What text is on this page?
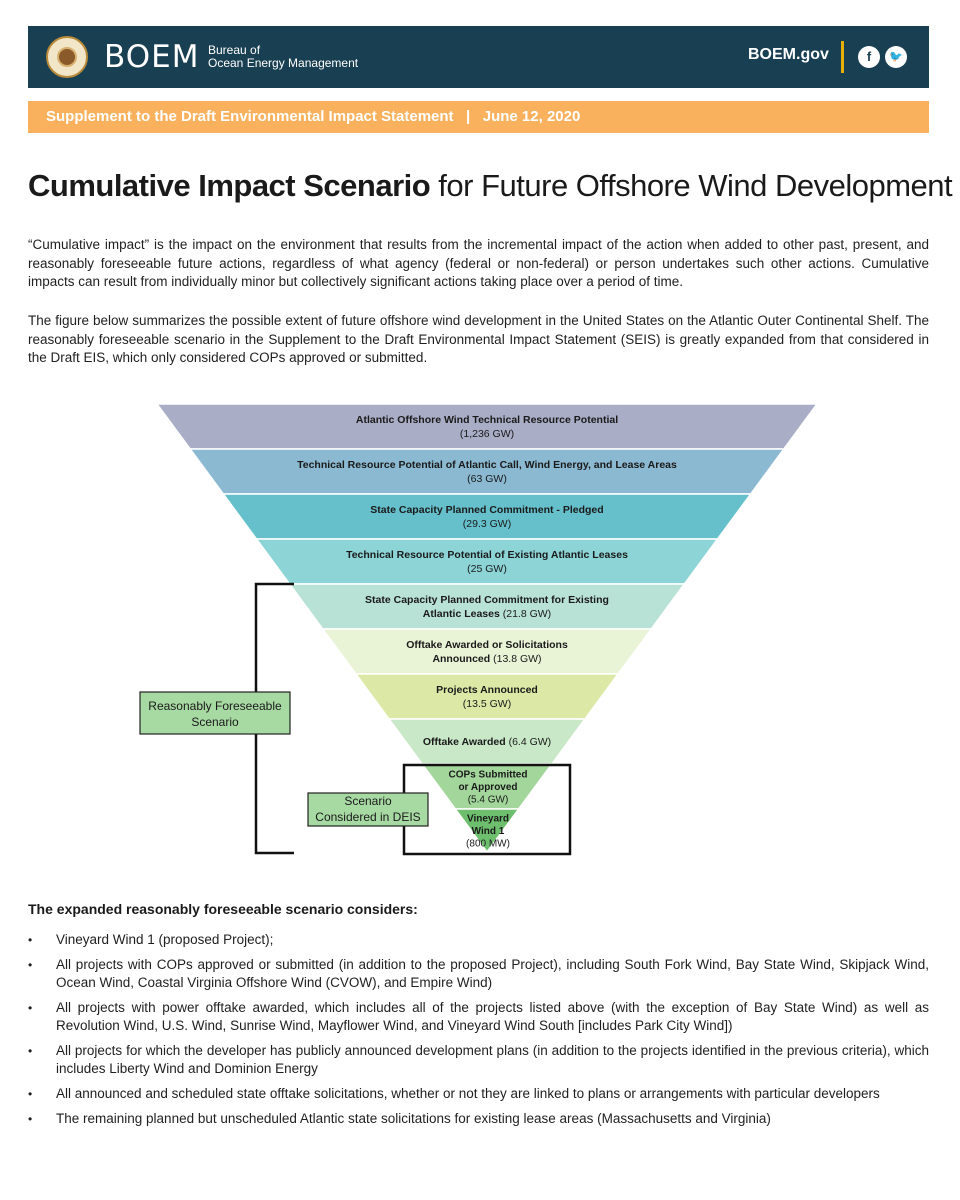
BOEM Bureau of
Ocean Energy Management	BOEM.gov	f	🐦
Supplement to the Draft Environmental Impact Statement   |   June 12, 2020
Cumulative Impact Scenario for Future Offshore Wind Development

“Cumulative impact” is the impact on the environment that results from the incremental impact of the action when added to other past, present, and reasonably foreseeable future actions, regardless of what agency (federal or non-federal) or person undertakes such other actions. Cumulative impacts can result from individually minor but collectively significant actions taking place over a period of time.

The figure below summarizes the possible extent of future offshore wind development in the United States on the Atlantic Outer Continental Shelf. The reasonably foreseeable scenario in the Supplement to the Draft Environmental Impact Statement (SEIS) is greatly expanded from that considered in the Draft EIS, which only considered COPs approved or submitted.

Atlantic Offshore Wind Technical Resource Potential
(1,236 GW)
Technical Resource Potential of Atlantic Call, Wind Energy, and Lease Areas
(63 GW)
State Capacity Planned Commitment - Pledged
(29.3 GW)
Technical Resource Potential of Existing Atlantic Leases
(25 GW)
State Capacity Planned Commitment for Existing
Atlantic Leases (21.8 GW)
Offtake Awarded or Solicitations
Announced (13.8 GW)
Projects Announced
(13.5 GW)
Offtake Awarded (6.4 GW)
COPs Submitted
or Approved
(5.4 GW)
Vineyard
Wind 1
(800 MW)
Reasonably Foreseeable
Scenario
Scenario
Considered in DEIS
The expanded reasonably foreseeable scenario considers:
• Vineyard Wind 1 (proposed Project);
• All projects with COPs approved or submitted (in addition to the proposed Project), including South Fork Wind, Bay State Wind, Skipjack Wind, Ocean Wind, Coastal Virginia Offshore Wind (CVOW), and Empire Wind)
• All projects with power offtake awarded, which includes all of the projects listed above (with the exception of Bay State Wind) as well as Revolution Wind, U.S. Wind, Sunrise Wind, Mayflower Wind, and Vineyard Wind South [includes Park City Wind])
• All projects for which the developer has publicly announced development plans (in addition to the projects identified in the previous criteria), which includes Liberty Wind and Dominion Energy
• All announced and scheduled state offtake solicitations, whether or not they are linked to plans or arrangements with particular developers
• The remaining planned but unscheduled Atlantic state solicitations for existing lease areas (Massachusetts and Virginia)
